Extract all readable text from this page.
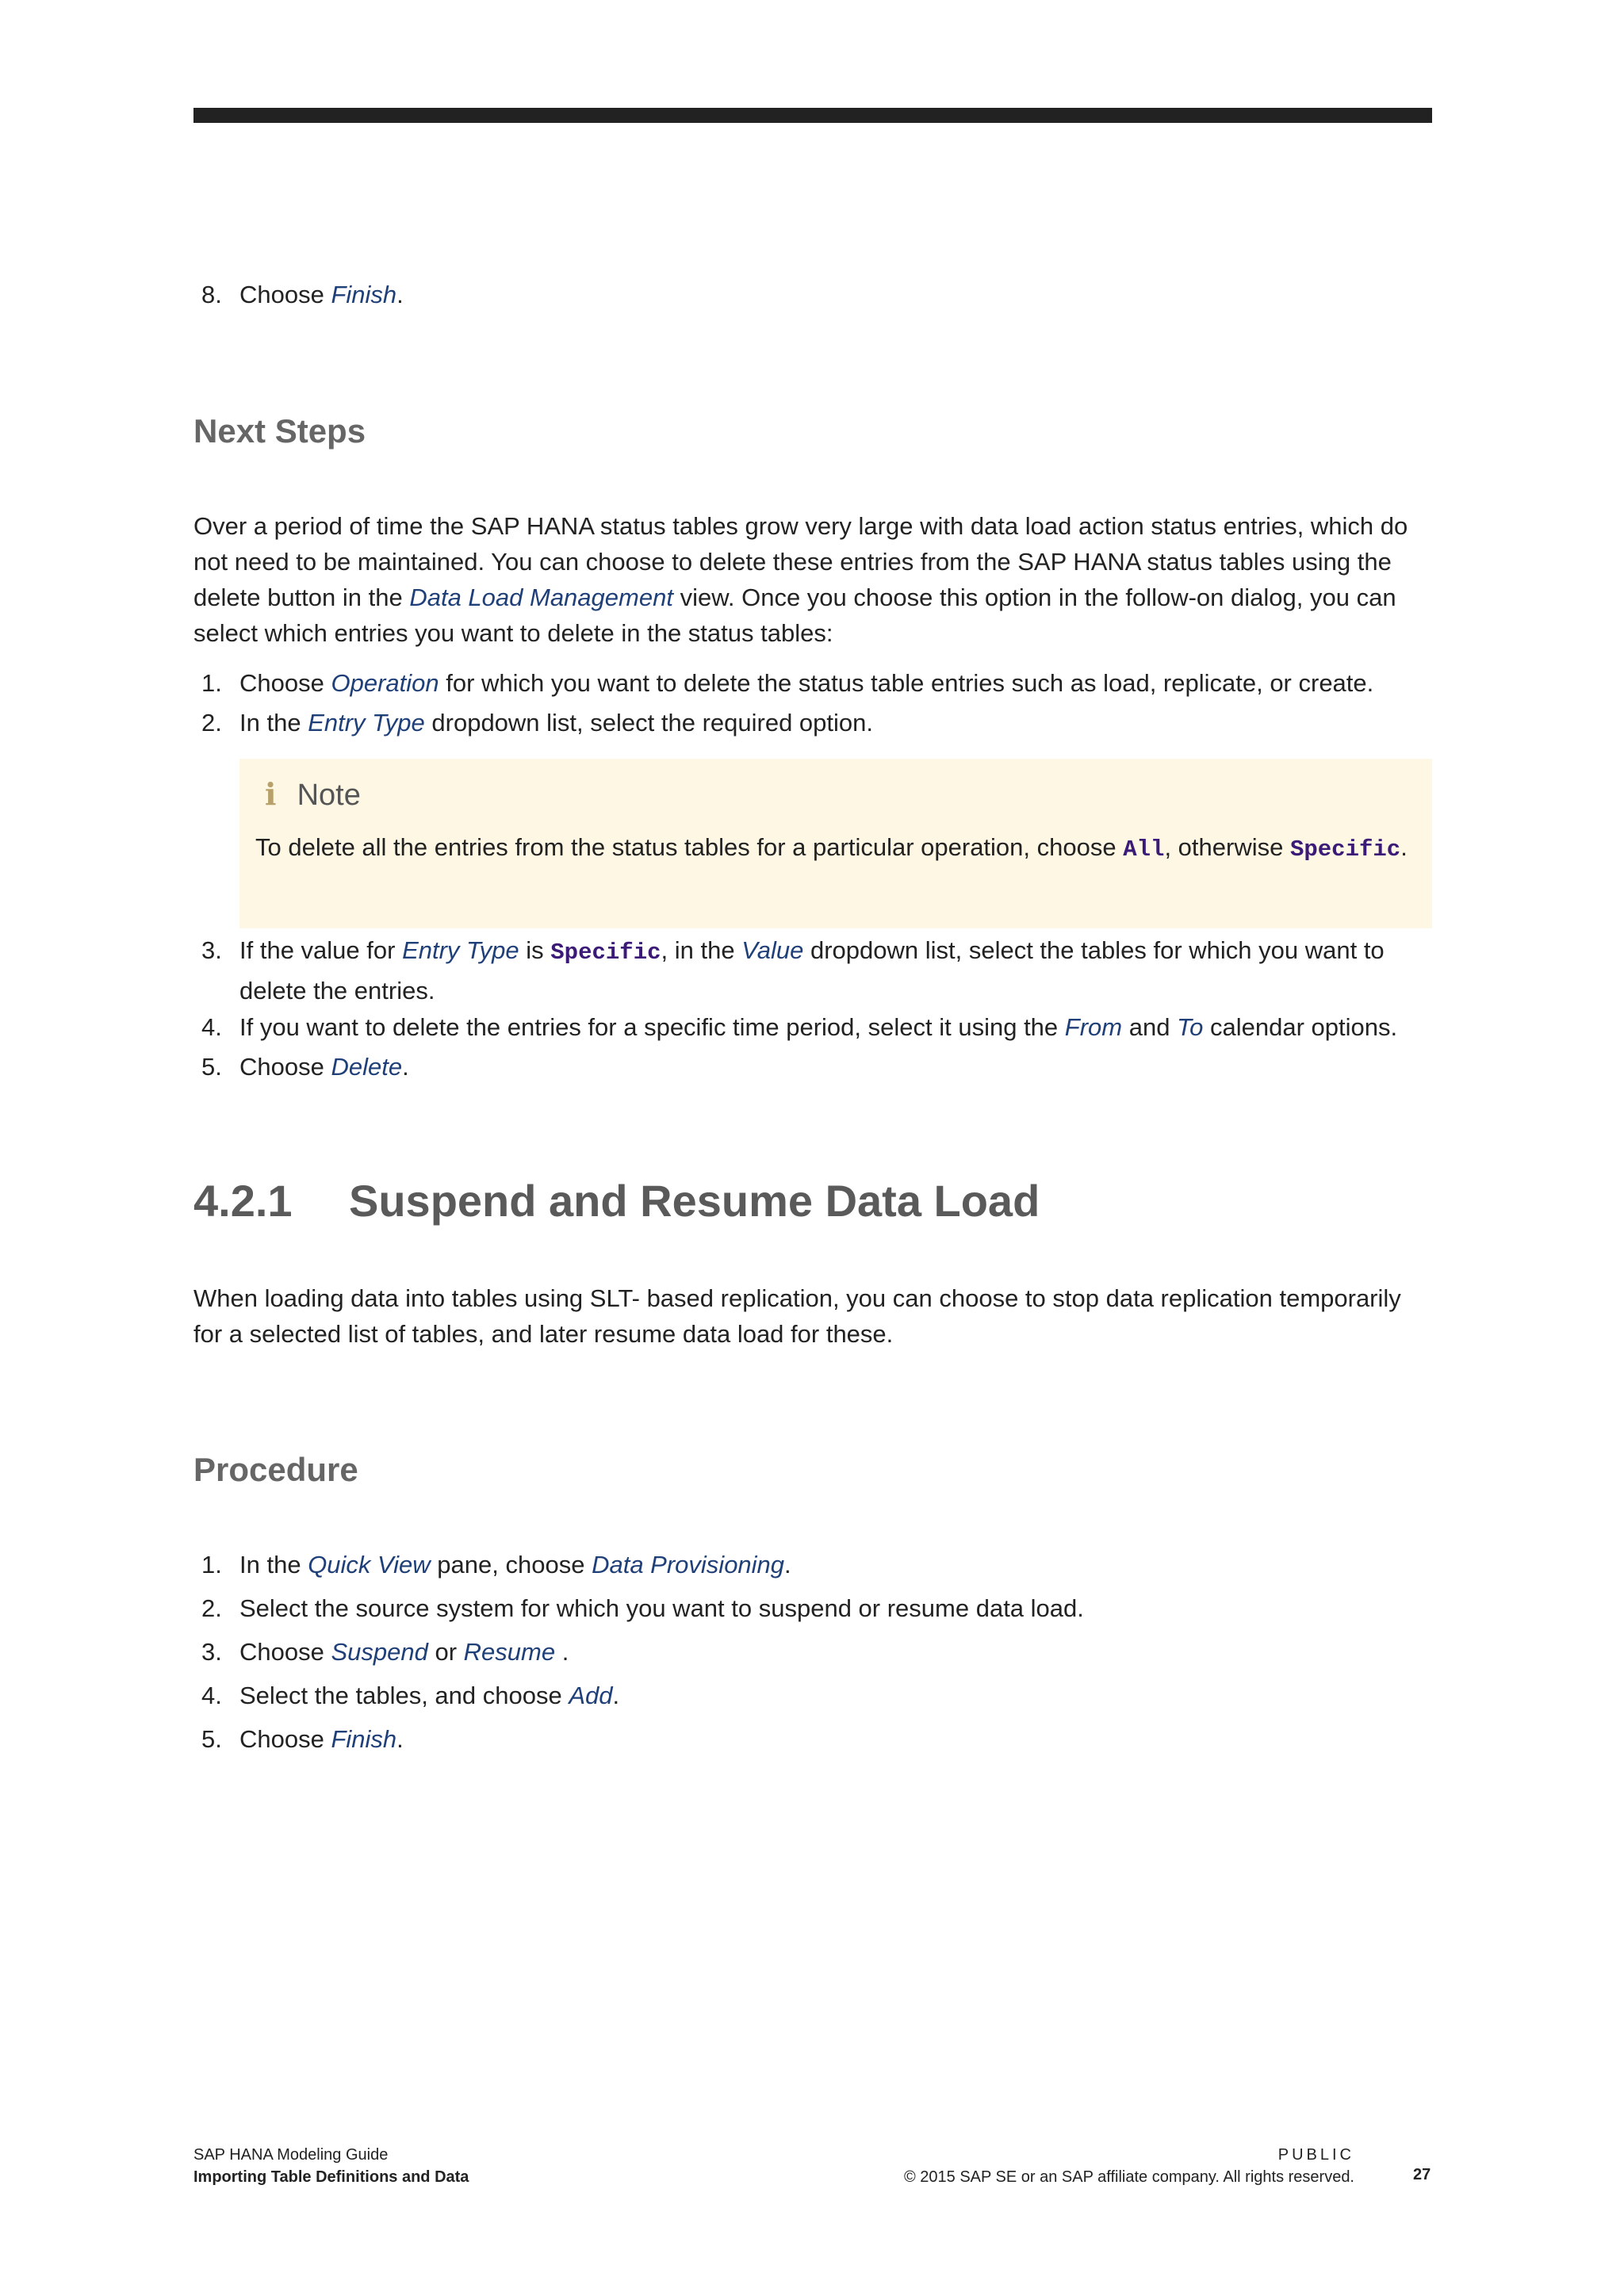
8. Choose Finish.
Next Steps

Over a period of time the SAP HANA status tables grow very large with data load action status entries, which do not need to be maintained. You can choose to delete these entries from the SAP HANA status tables using the delete button in the Data Load Management view. Once you choose this option in the follow-on dialog, you can select which entries you want to delete in the status tables:

1. Choose Operation for which you want to delete the status table entries such as load, replicate, or create.
2. In the Entry Type dropdown list, select the required option.
i Note
To delete all the entries from the status tables for a particular operation, choose All, otherwise Specific.
3. If the value for Entry Type is Specific, in the Value dropdown list, select the tables for which you want to delete the entries.
4. If you want to delete the entries for a specific time period, select it using the From and To calendar options.
5. Choose Delete.
4.2.1 Suspend and Resume Data Load

When loading data into tables using SLT- based replication, you can choose to stop data replication temporarily for a selected list of tables, and later resume data load for these.

Procedure
1. In the Quick View pane, choose Data Provisioning.
2. Select the source system for which you want to suspend or resume data load.
3. Choose Suspend or Resume .
4. Select the tables, and choose Add.
5. Choose Finish.
SAP HANA Modeling Guide
Importing Table Definitions and Data
PUBLIC
© 2015 SAP SE or an SAP affiliate company. All rights reserved.	27
